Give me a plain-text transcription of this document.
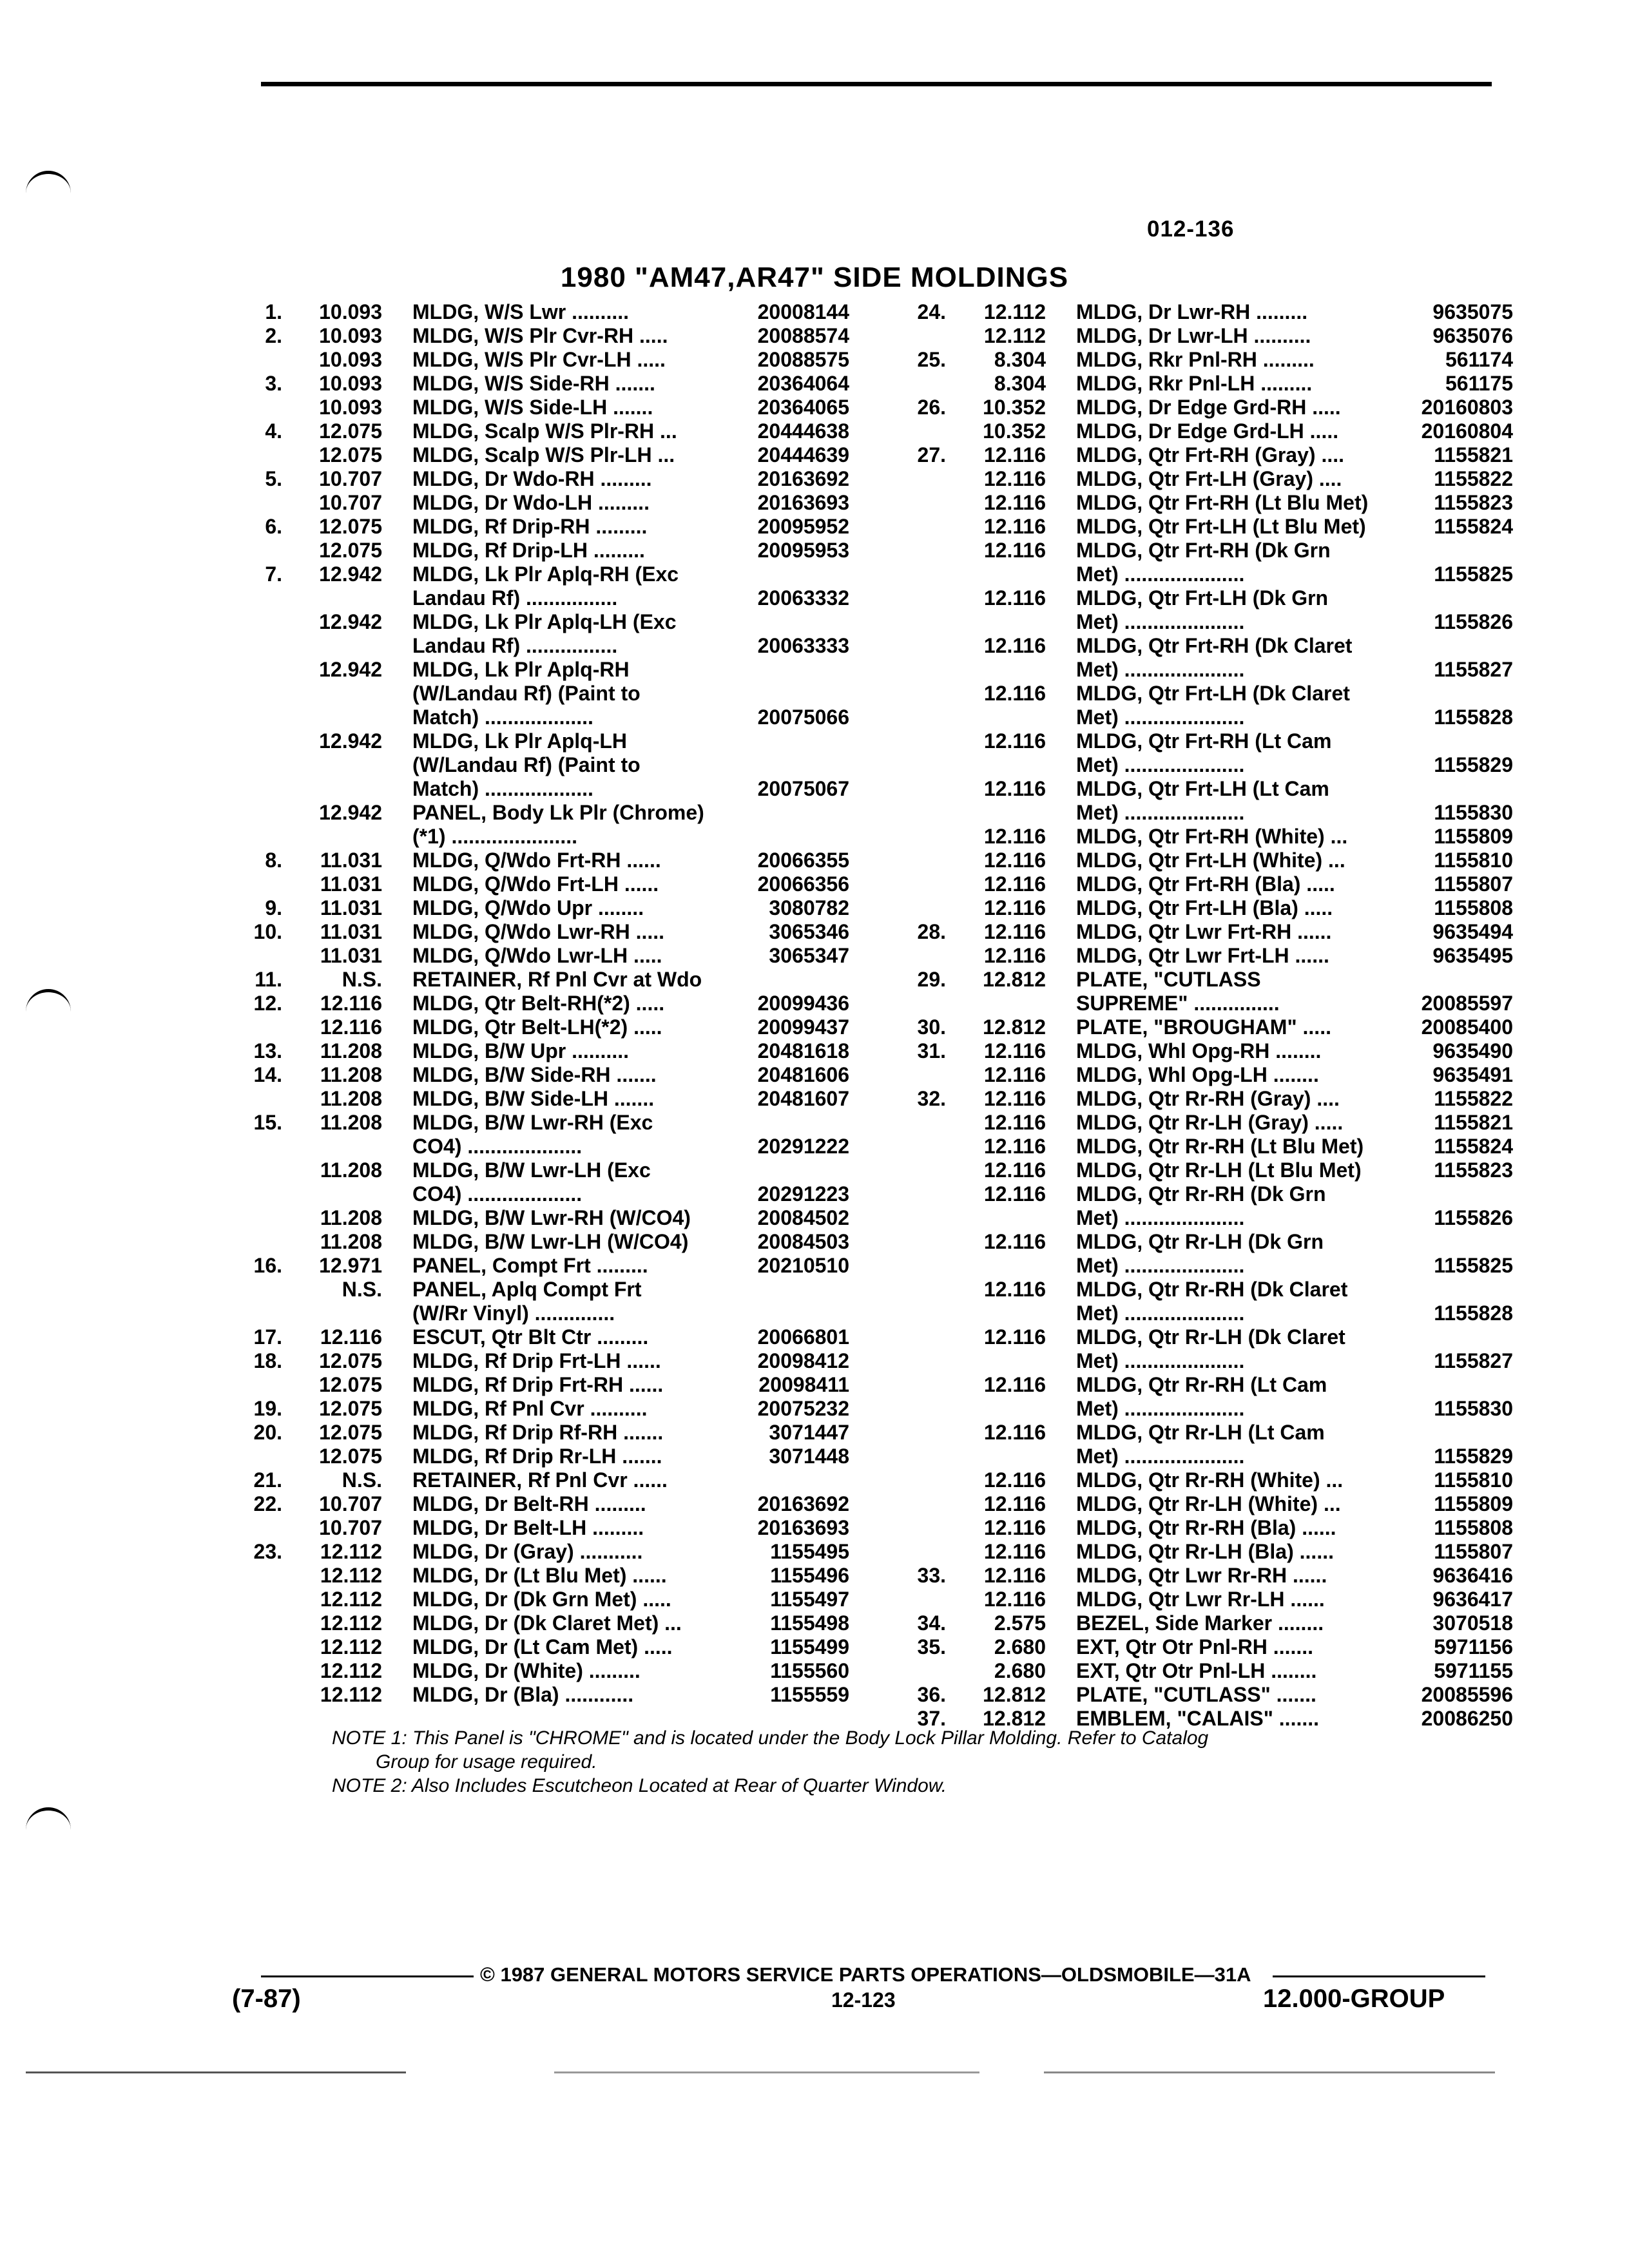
012-136
1980 "AM47,AR47" SIDE MOLDINGS
1.	10.093 MLDG, W/S Lwr ..........	20008144
2.	10.093 MLDG, W/S Plr Cvr-RH .....	20088574
10.093 MLDG, W/S Plr Cvr-LH .....	20088575
3.	10.093 MLDG, W/S Side-RH .......	20364064
10.093 MLDG, W/S Side-LH .......	20364065
4.	12.075 MLDG, Scalp W/S Plr-RH ...	20444638
12.075 MLDG, Scalp W/S Plr-LH ...	20444639
5.	10.707 MLDG, Dr Wdo-RH .........	20163692
10.707 MLDG, Dr Wdo-LH .........	20163693
6.	12.075 MLDG, Rf Drip-RH .........	20095952
12.075 MLDG, Rf Drip-LH .........	20095953
7.	12.942 MLDG, Lk Plr Aplq-RH (Exc
Landau Rf) ................	20063332
12.942 MLDG, Lk Plr Aplq-LH (Exc
Landau Rf) ................	20063333
12.942 MLDG, Lk Plr Aplq-RH
(W/Landau Rf) (Paint to
Match) ...................	20075066
12.942 MLDG, Lk Plr Aplq-LH
(W/Landau Rf) (Paint to
Match) ...................	20075067
12.942 PANEL, Body Lk Plr (Chrome)
(*1) ......................
8.	11.031 MLDG, Q/Wdo Frt-RH ......	20066355
11.031 MLDG, Q/Wdo Frt-LH ......	20066356
9.	11.031 MLDG, Q/Wdo Upr ........	3080782
10.	11.031 MLDG, Q/Wdo Lwr-RH .....	3065346
11.031 MLDG, Q/Wdo Lwr-LH .....	3065347
11.	N.S. RETAINER, Rf Pnl Cvr at Wdo
12.	12.116 MLDG, Qtr Belt-RH(*2) .....	20099436
12.116 MLDG, Qtr Belt-LH(*2) .....	20099437
13.	11.208 MLDG, B/W Upr ..........	20481618
14.	11.208 MLDG, B/W Side-RH .......	20481606
11.208 MLDG, B/W Side-LH .......	20481607
15.	11.208 MLDG, B/W Lwr-RH (Exc
CO4) ....................	20291222
11.208 MLDG, B/W Lwr-LH (Exc
CO4) ....................	20291223
11.208 MLDG, B/W Lwr-RH (W/CO4)	20084502
11.208 MLDG, B/W Lwr-LH (W/CO4)	20084503
16.	12.971 PANEL, Compt Frt .........	20210510
N.S. PANEL, Aplq Compt Frt
(W/Rr Vinyl) ..............
17.	12.116 ESCUT, Qtr Blt Ctr .........	20066801
18.	12.075 MLDG, Rf Drip Frt-LH ......	20098412
12.075 MLDG, Rf Drip Frt-RH ......	20098411
19.	12.075 MLDG, Rf Pnl Cvr ..........	20075232
20.	12.075 MLDG, Rf Drip Rf-RH .......	3071447
12.075 MLDG, Rf Drip Rr-LH .......	3071448
21.	N.S. RETAINER, Rf Pnl Cvr ......
22.	10.707 MLDG, Dr Belt-RH .........	20163692
10.707 MLDG, Dr Belt-LH .........	20163693
23.	12.112 MLDG, Dr (Gray) ...........	1155495
12.112 MLDG, Dr (Lt Blu Met) ......	1155496
12.112 MLDG, Dr (Dk Grn Met) .....	1155497
12.112 MLDG, Dr (Dk Claret Met) ...	1155498
12.112 MLDG, Dr (Lt Cam Met) .....	1155499
12.112 MLDG, Dr (White) .........	1155560
12.112 MLDG, Dr (Bla) ............	1155559
24.	12.112 MLDG, Dr Lwr-RH .........	9635075
12.112 MLDG, Dr Lwr-LH ..........	9635076
25.	8.304 MLDG, Rkr Pnl-RH .........	561174
8.304 MLDG, Rkr Pnl-LH .........	561175
26.	10.352 MLDG, Dr Edge Grd-RH .....	20160803
10.352 MLDG, Dr Edge Grd-LH .....	20160804
27.	12.116 MLDG, Qtr Frt-RH (Gray) ....	1155821
12.116 MLDG, Qtr Frt-LH (Gray) ....	1155822
12.116 MLDG, Qtr Frt-RH (Lt Blu Met)	1155823
12.116 MLDG, Qtr Frt-LH (Lt Blu Met)	1155824
12.116 MLDG, Qtr Frt-RH (Dk Grn
Met) .....................	1155825
12.116 MLDG, Qtr Frt-LH (Dk Grn
Met) .....................	1155826
12.116 MLDG, Qtr Frt-RH (Dk Claret
Met) .....................	1155827
12.116 MLDG, Qtr Frt-LH (Dk Claret
Met) .....................	1155828
12.116 MLDG, Qtr Frt-RH (Lt Cam
Met) .....................	1155829
12.116 MLDG, Qtr Frt-LH (Lt Cam
Met) .....................	1155830
12.116 MLDG, Qtr Frt-RH (White) ...	1155809
12.116 MLDG, Qtr Frt-LH (White) ...	1155810
12.116 MLDG, Qtr Frt-RH (Bla) .....	1155807
12.116 MLDG, Qtr Frt-LH (Bla) .....	1155808
28.	12.116 MLDG, Qtr Lwr Frt-RH ......	9635494
12.116 MLDG, Qtr Lwr Frt-LH ......	9635495
29.	12.812 PLATE, "CUTLASS
SUPREME" ...............	20085597
30.	12.812 PLATE, "BROUGHAM" .....	20085400
31.	12.116 MLDG, Whl Opg-RH ........	9635490
12.116 MLDG, Whl Opg-LH ........	9635491
32.	12.116 MLDG, Qtr Rr-RH (Gray) ....	1155822
12.116 MLDG, Qtr Rr-LH (Gray) .....	1155821
12.116 MLDG, Qtr Rr-RH (Lt Blu Met)	1155824
12.116 MLDG, Qtr Rr-LH (Lt Blu Met)	1155823
12.116 MLDG, Qtr Rr-RH (Dk Grn
Met) .....................	1155826
12.116 MLDG, Qtr Rr-LH (Dk Grn
Met) .....................	1155825
12.116 MLDG, Qtr Rr-RH (Dk Claret
Met) .....................	1155828
12.116 MLDG, Qtr Rr-LH (Dk Claret
Met) .....................	1155827
12.116 MLDG, Qtr Rr-RH (Lt Cam
Met) .....................	1155830
12.116 MLDG, Qtr Rr-LH (Lt Cam
Met) .....................	1155829
12.116 MLDG, Qtr Rr-RH (White) ...	1155810
12.116 MLDG, Qtr Rr-LH (White) ...	1155809
12.116 MLDG, Qtr Rr-RH (Bla) ......	1155808
12.116 MLDG, Qtr Rr-LH (Bla) ......	1155807
33.	12.116 MLDG, Qtr Lwr Rr-RH ......	9636416
12.116 MLDG, Qtr Lwr Rr-LH ......	9636417
34.	2.575 BEZEL, Side Marker ........	3070518
35.	2.680 EXT, Qtr Otr Pnl-RH .......	5971156
2.680 EXT, Qtr Otr Pnl-LH ........	5971155
36.	12.812 PLATE, "CUTLASS" .......	20085596
37.	12.812 EMBLEM, "CALAIS" .......	20086250
NOTE 1: This Panel is "CHROME" and is located under the Body Lock Pillar Molding. Refer to Catalog
Group for usage required.
NOTE 2: Also Includes Escutcheon Located at Rear of Quarter Window.
© 1987 GENERAL MOTORS SERVICE PARTS OPERATIONS—OLDSMOBILE—31A
(7-87)	12-123	12.000-GROUP
